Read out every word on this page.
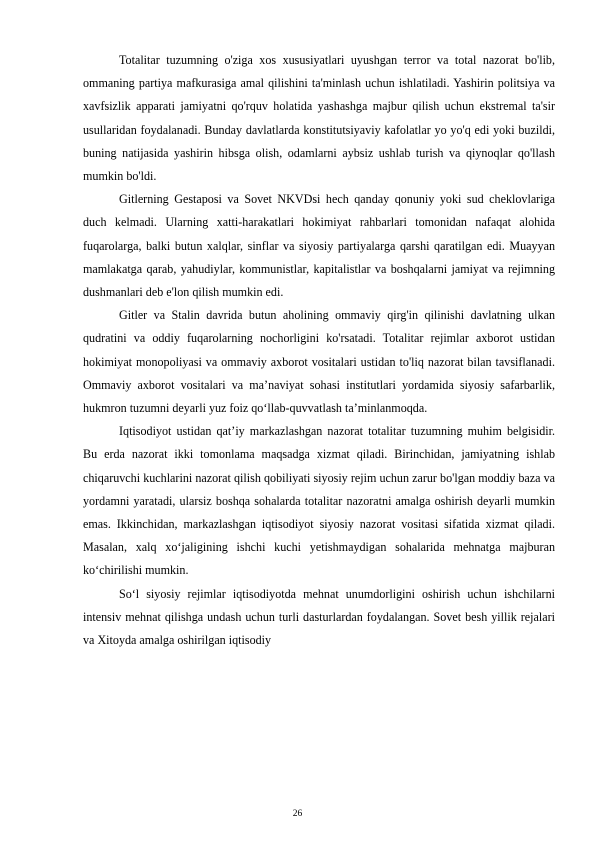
Totalitar tuzumning o'ziga xos xususiyatlari uyushgan terror va total nazorat bo'lib, ommaning partiya mafkurasiga amal qilishini ta'minlash uchun ishlatiladi. Yashirin politsiya va xavfsizlik apparati jamiyatni qo'rquv holatida yashashga majbur qilish uchun ekstremal ta'sir usullaridan foydalanadi. Bunday davlatlarda konstitutsiyaviy kafolatlar yo yo'q edi yoki buzildi, buning natijasida yashirin hibsga olish, odamlarni aybsiz ushlab turish va qiynoqlar qo'llash mumkin bo'ldi.

Gitlerning Gestaposi va Sovet NKVDsi hech qanday qonuniy yoki sud cheklovlariga duch kelmadi. Ularning xatti-harakatlari hokimiyat rahbarlari tomonidan nafaqat alohida fuqarolarga, balki butun xalqlar, sinflar va siyosiy partiyalarga qarshi qaratilgan edi. Muayyan mamlakatga qarab, yahudiylar, kommunistlar, kapitalistlar va boshqalarni jamiyat va rejimning dushmanlari deb e'lon qilish mumkin edi.

Gitler va Stalin davrida butun aholining ommaviy qirg'in qilinishi davlatning ulkan qudratini va oddiy fuqarolarning nochorligini ko'rsatadi. Totalitar rejimlar axborot ustidan hokimiyat monopoliyasi va ommaviy axborot vositalari ustidan to'liq nazorat bilan tavsiflanadi. Ommaviy axborot vositalari va ma’naviyat sohasi institutlari yordamida siyosiy safarbarlik, hukmron tuzumni deyarli yuz foiz qo‘llab-quvvatlash ta’minlanmoqda.

Iqtisodiyot ustidan qat’iy markazlashgan nazorat totalitar tuzumning muhim belgisidir. Bu erda nazorat ikki tomonlama maqsadga xizmat qiladi. Birinchidan, jamiyatning ishlab chiqaruvchi kuchlarini nazorat qilish qobiliyati siyosiy rejim uchun zarur bo'lgan moddiy baza va yordamni yaratadi, ularsiz boshqa sohalarda totalitar nazoratni amalga oshirish deyarli mumkin emas. Ikkinchidan, markazlashgan iqtisodiyot siyosiy nazorat vositasi sifatida xizmat qiladi. Masalan, xalq xo‘jaligining ishchi kuchi yetishmaydigan sohalarida mehnatga majburan ko‘chirilishi mumkin.

So‘l siyosiy rejimlar iqtisodiyotda mehnat unumdorligini oshirish uchun ishchilarni intensiv mehnat qilishga undash uchun turli dasturlardan foydalangan. Sovet besh yillik rejalari va Xitoyda amalga oshirilgan iqtisodiy

26
